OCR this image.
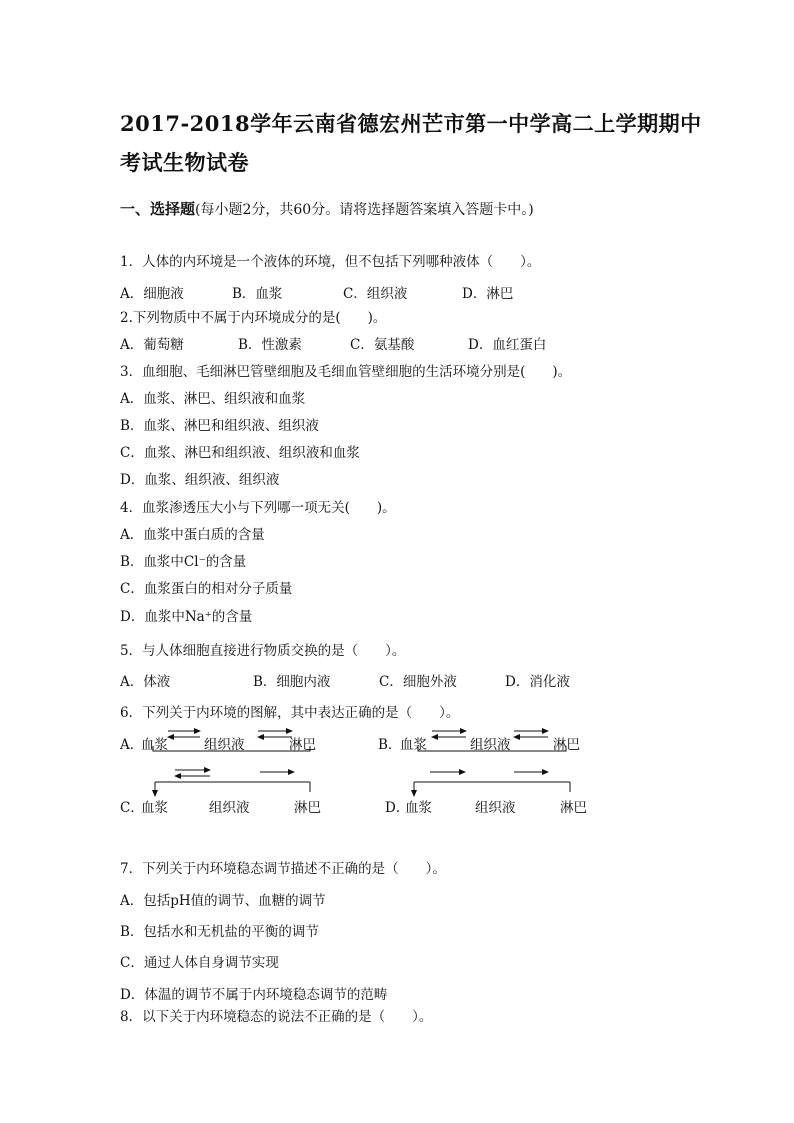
2017-2018学年云南省德宏州芒市第一中学高二上学期期中
考试生物试卷
一、选择题(每小题2分，共60分。请将选择题答案填入答题卡中。)
1．人体的内环境是一个液体的环境，但不包括下列哪种液体（　　）。
A．细胞液	B．血浆	C．组织液	D．淋巴
2.下列物质中不属于内环境成分的是(　　)。
A．葡萄糖	B．性激素	C．氨基酸	D．血红蛋白
3．血细胞、毛细淋巴管壁细胞及毛细血管壁细胞的生活环境分别是(　　)。
A．血浆、淋巴、组织液和血浆
B．血浆、淋巴和组织液、组织液
C．血浆、淋巴和组织液、组织液和血浆
D．血浆、组织液、组织液
4．血浆渗透压大小与下列哪一项无关(　　)。
A．血浆中蛋白质的含量
B．血浆中Cl⁻的含量
C．血浆蛋白的相对分子质量
D．血浆中Na⁺的含量
5．与人体细胞直接进行物质交换的是（　　）。
A．体液	B．细胞内液	C．细胞外液	D．消化液
6．下列关于内环境的图解，其中表达正确的是（　　）。
A．
血浆	组织液	淋巴	B．
血浆	组织液	淋巴
C．
血浆	组织液	淋巴	D．
血浆	组织液	淋巴
7．下列关于内环境稳态调节描述不正确的是（　　）。
A．包括pH值的调节、血糖的调节
B．包括水和无机盐的平衡的调节
C．通过人体自身调节实现
D．体温的调节不属于内环境稳态调节的范畴
8．以下关于内环境稳态的说法不正确的是（　　）。
